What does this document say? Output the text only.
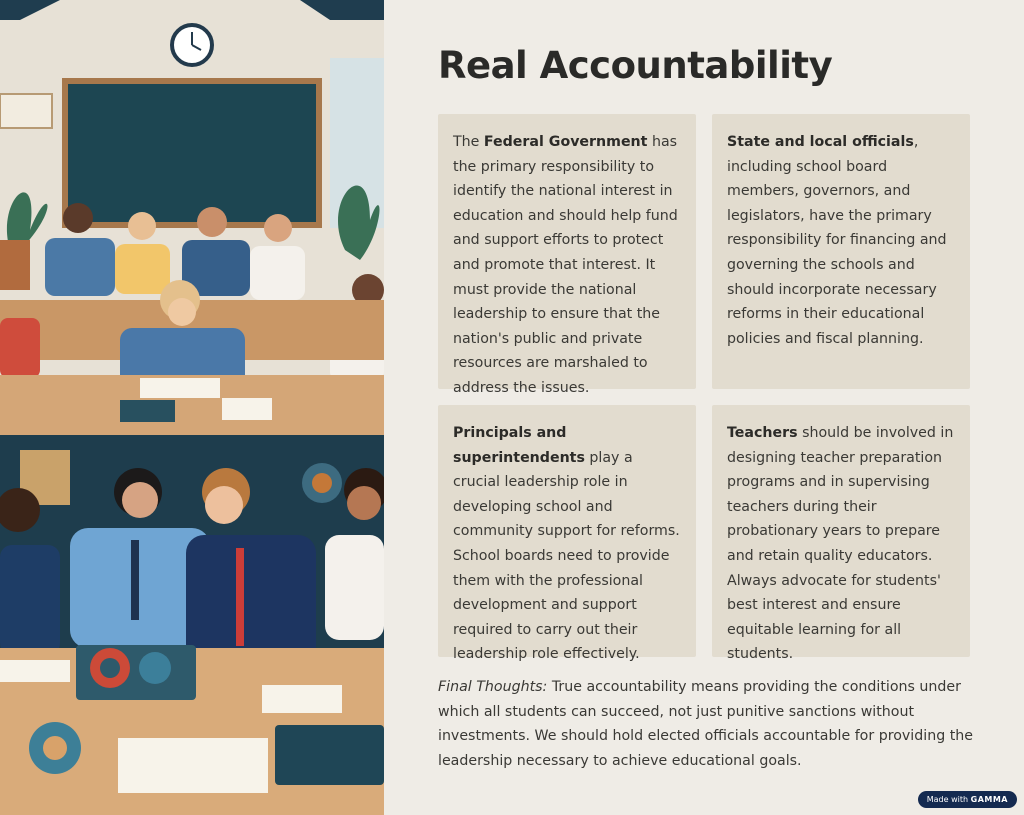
Real Accountability
The Federal Government has the primary responsibility to identify the national interest in education and should help fund and support efforts to protect and promote that interest. It must provide the national leadership to ensure that the nation's public and private resources are marshaled to address the issues.
State and local officials, including school board members, governors, and legislators, have the primary responsibility for financing and governing the schools and should incorporate necessary reforms in their educational policies and fiscal planning.
Principals and superintendents play a crucial leadership role in developing school and community support for reforms. School boards need to provide them with the professional development and support required to carry out their leadership role effectively.
Teachers should be involved in designing teacher preparation programs and in supervising teachers during their probationary years to prepare and retain quality educators. Always advocate for students' best interest and ensure equitable learning for all students.

Final Thoughts: True accountability means providing the conditions under which all students can succeed, not just punitive sanctions without investments. We should hold elected officials accountable for providing the leadership necessary to achieve educational goals.

Made with GAMMA
